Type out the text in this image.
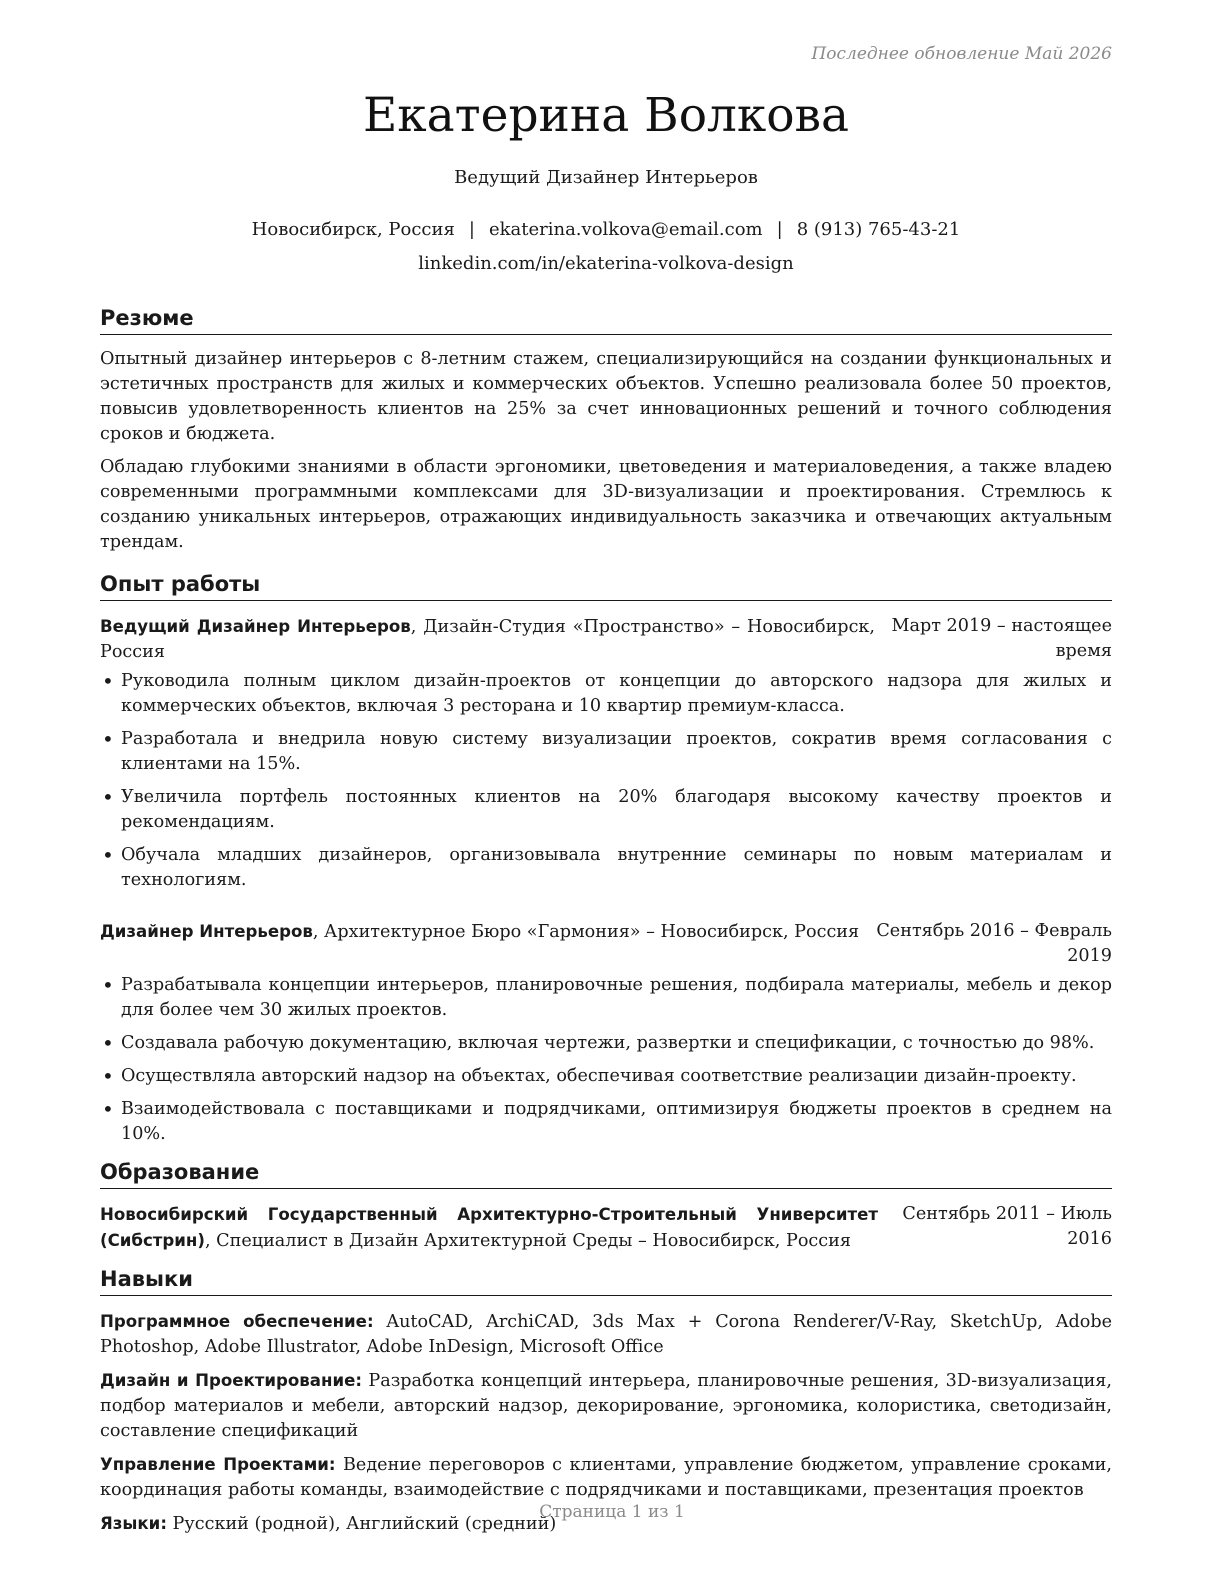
Последнее обновление Май 2026
Екатерина Волкова
Ведущий Дизайнер Интерьеров
Новосибирск, Россия | ekaterina.volkova@email.com | 8 (913) 765-43-21
linkedin.com/in/ekaterina-volkova-design
Резюме

Опытный дизайнер интерьеров с 8-летним стажем, специализирующийся на создании функциональных и эстетичных пространств для жилых и коммерческих объектов. Успешно реализовала более 50 проектов, повысив удовлетворенность клиентов на 25% за счет инновационных решений и точного соблюдения сроков и бюджета.

Обладаю глубокими знаниями в области эргономики, цветоведения и материаловедения, а также владею современными программными комплексами для 3D-визуализации и проектирования. Стремлюсь к созданию уникальных интерьеров, отражающих индивидуальность заказчика и отвечающих актуальным трендам.

Опыт работы
Ведущий Дизайнер Интерьеров, Дизайн-Студия «Пространство» – Новосибирск, Россия
Март 2019 – настоящее время
• Руководила полным циклом дизайн-проектов от концепции до авторского надзора для жилых и коммерческих объектов, включая 3 ресторана и 10 квартир премиум-класса.
• Разработала и внедрила новую систему визуализации проектов, сократив время согласования с клиентами на 15%.
• Увеличила портфель постоянных клиентов на 20% благодаря высокому качеству проектов и рекомендациям.
• Обучала младших дизайнеров, организовывала внутренние семинары по новым материалам и технологиям.
Дизайнер Интерьеров, Архитектурное Бюро «Гармония» – Новосибирск, Россия Сентябрь 2016 – Февраль 2019
• Разрабатывала концепции интерьеров, планировочные решения, подбирала материалы, мебель и декор для более чем 30 жилых проектов.
• Создавала рабочую документацию, включая чертежи, развертки и спецификации, с точностью до 98%.
• Осуществляла авторский надзор на объектах, обеспечивая соответствие реализации дизайн-проекту.
• Взаимодействовала с поставщиками и подрядчиками, оптимизируя бюджеты проектов в среднем на 10%.
Образование
Новосибирский Государственный Архитектурно-Строительный Университет (Сибстрин), Специалист в Дизайн Архитектурной Среды – Новосибирск, Россия
Сентябрь 2011 – Июль 2016
Навыки
Программное обеспечение: AutoCAD, ArchiCAD, 3ds Max + Corona Renderer/V-Ray, SketchUp, Adobe Photoshop, Adobe Illustrator, Adobe InDesign, Microsoft Office
Дизайн и Проектирование: Разработка концепций интерьера, планировочные решения, 3D-визуализация, подбор материалов и мебели, авторский надзор, декорирование, эргономика, колористика, светодизайн, составление спецификаций
Управление Проектами: Ведение переговоров с клиентами, управление бюджетом, управление сроками, координация работы команды, взаимодействие с подрядчиками и поставщиками, презентация проектов
Языки: Русский (родной), Английский (средний)
Страница 1 из 1
